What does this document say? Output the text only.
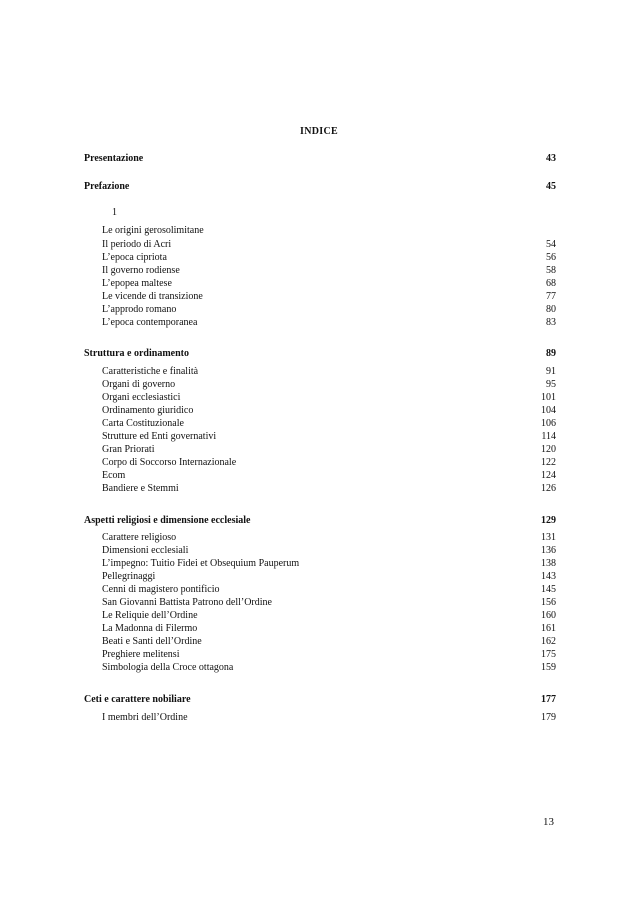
INDICE
1
Presentazione	43
Prefazione	45
Le origini gerosolimitane
Il periodo di Acri	54
L’epoca cipriota	56
Il governo rodiense	58
L’epopea maltese	68
Le vicende di transizione	77
L’approdo romano	80
L’epoca contemporanea	83
Struttura e ordinamento	89
Caratteristiche e finalità	91
Organi di governo	95
Organi ecclesiastici	101
Ordinamento giuridico	104
Carta Costituzionale	106
Strutture ed Enti governativi	114
Gran Priorati	120
Corpo di Soccorso Internazionale	122
Ecom	124
Bandiere e Stemmi	126
Aspetti religiosi e dimensione ecclesiale	129
Carattere religioso	131
Dimensioni ecclesiali	136
L’impegno: Tuitio Fidei et Obsequium Pauperum	138
Pellegrinaggi	143
Cenni di magistero pontificio	145
San Giovanni Battista Patrono dell’Ordine	156
Le Reliquie dell’Ordine	160
La Madonna di Filermo	161
Beati e Santi dell’Ordine	162
Preghiere melitensi	175
Simbologia della Croce ottagona	159
Ceti e carattere nobiliare	177
I membri dell’Ordine	179
13
